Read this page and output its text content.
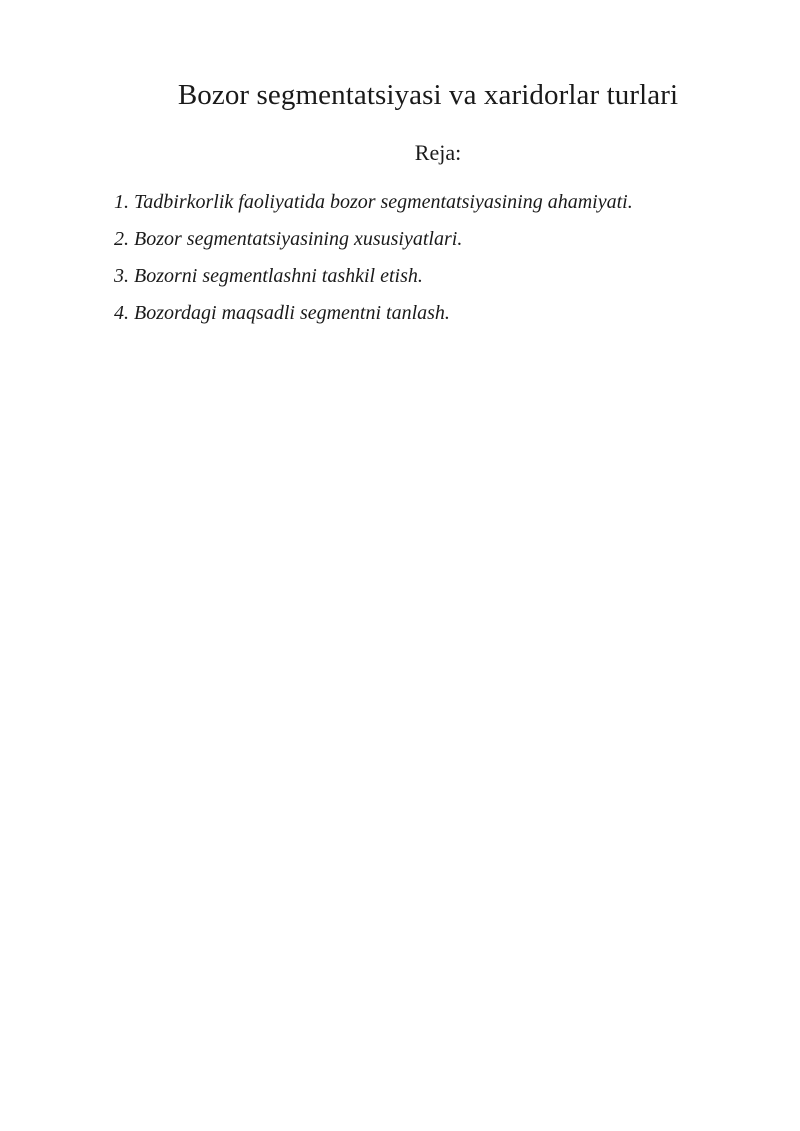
Bozor segmentatsiyasi va xaridorlar turlari
Reja:
1. Tadbirkorlik faoliyatida bozor segmentatsiyasining ahamiyati.
2. Bozor segmentatsiyasining xususiyatlari.
3. Bozorni segmentlashni tashkil etish.
4. Bozordagi maqsadli segmentni tanlash.
